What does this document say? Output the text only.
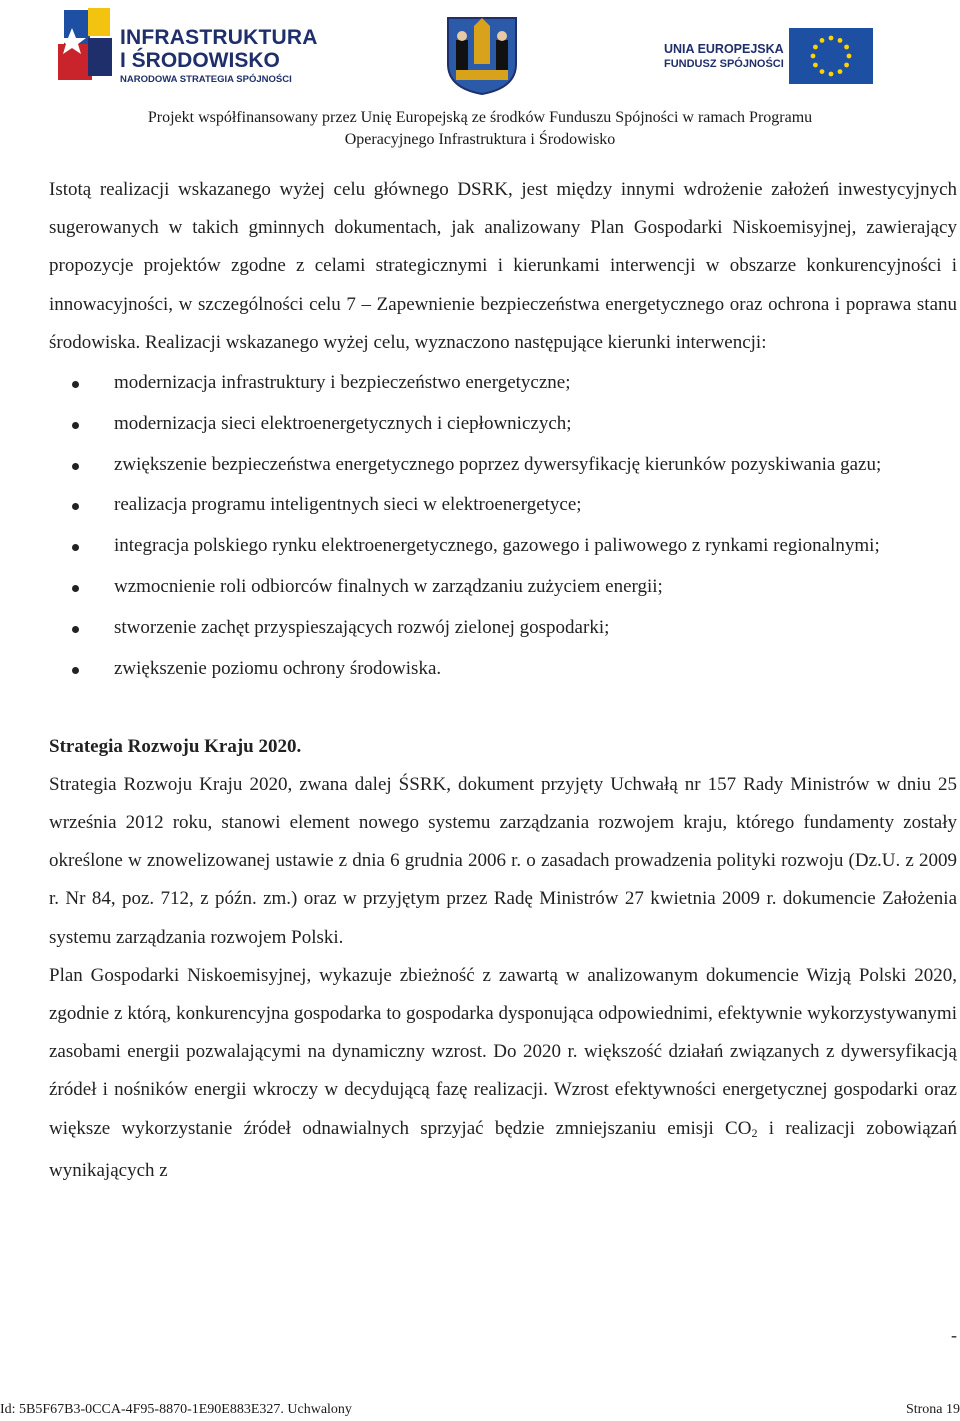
INFRASTRUKTURA
I ŚRODOWISKO
NARODOWA STRATEGIA SPÓJNOŚCI
UNIA EUROPEJSKA
FUNDUSZ SPÓJNOŚCI
Projekt współfinansowany przez Unię Europejską ze środków Funduszu Spójności w ramach Programu
Operacyjnego Infrastruktura i Środowisko

Istotą realizacji wskazanego wyżej celu głównego DSRK, jest między innymi wdrożenie założeń inwestycyjnych sugerowanych w takich gminnych dokumentach, jak analizowany Plan Gospodarki Niskoemisyjnej, zawierający propozycje projektów zgodne z celami strategicznymi i kierunkami interwencji w obszarze konkurencyjności i innowacyjności, w szczególności celu 7 – Zapewnienie bezpieczeństwa energetycznego oraz ochrona i poprawa stanu środowiska. Realizacji wskazanego wyżej celu, wyznaczono następujące kierunki interwencji:

modernizacja infrastruktury i bezpieczeństwo energetyczne;
modernizacja sieci elektroenergetycznych i ciepłowniczych;
zwiększenie bezpieczeństwa energetycznego poprzez dywersyfikację kierunków pozyskiwania gazu;
realizacja programu inteligentnych sieci w elektroenergetyce;
integracja polskiego rynku elektroenergetycznego, gazowego i paliwowego z rynkami regionalnymi;
wzmocnienie roli odbiorców finalnych w zarządzaniu zużyciem energii;
stworzenie zachęt przyspieszających rozwój zielonej gospodarki;
zwiększenie poziomu ochrony środowiska.
Strategia Rozwoju Kraju 2020.

Strategia Rozwoju Kraju 2020, zwana dalej ŚSRK, dokument przyjęty Uchwałą nr 157 Rady Ministrów w dniu 25 września 2012 roku, stanowi element nowego systemu zarządzania rozwojem kraju, którego fundamenty zostały określone w znowelizowanej ustawie z dnia 6 grudnia 2006 r. o zasadach prowadzenia polityki rozwoju (Dz.U. z 2009 r. Nr 84, poz. 712, z późn. zm.) oraz w przyjętym przez Radę Ministrów 27 kwietnia 2009 r. dokumencie Założenia systemu zarządzania rozwojem Polski.

Plan Gospodarki Niskoemisyjnej, wykazuje zbieżność z zawartą w analizowanym dokumencie Wizją Polski 2020, zgodnie z którą, konkurencyjna gospodarka to gospodarka dysponująca odpowiednimi, efektywnie wykorzystywanymi zasobami energii pozwalającymi na dynamiczny wzrost. Do 2020 r. większość działań związanych z dywersyfikacją źródeł i nośników energii wkroczy w decydującą fazę realizacji. Wzrost efektywności energetycznej gospodarki oraz większe wykorzystanie źródeł odnawialnych sprzyjać będzie zmniejszaniu emisji $CO_2$ i realizacji zobowiązań wynikających z

-
Id: 5B5F67B3-0CCA-4F95-8870-1E90E883E327. Uchwalony	Strona 19
